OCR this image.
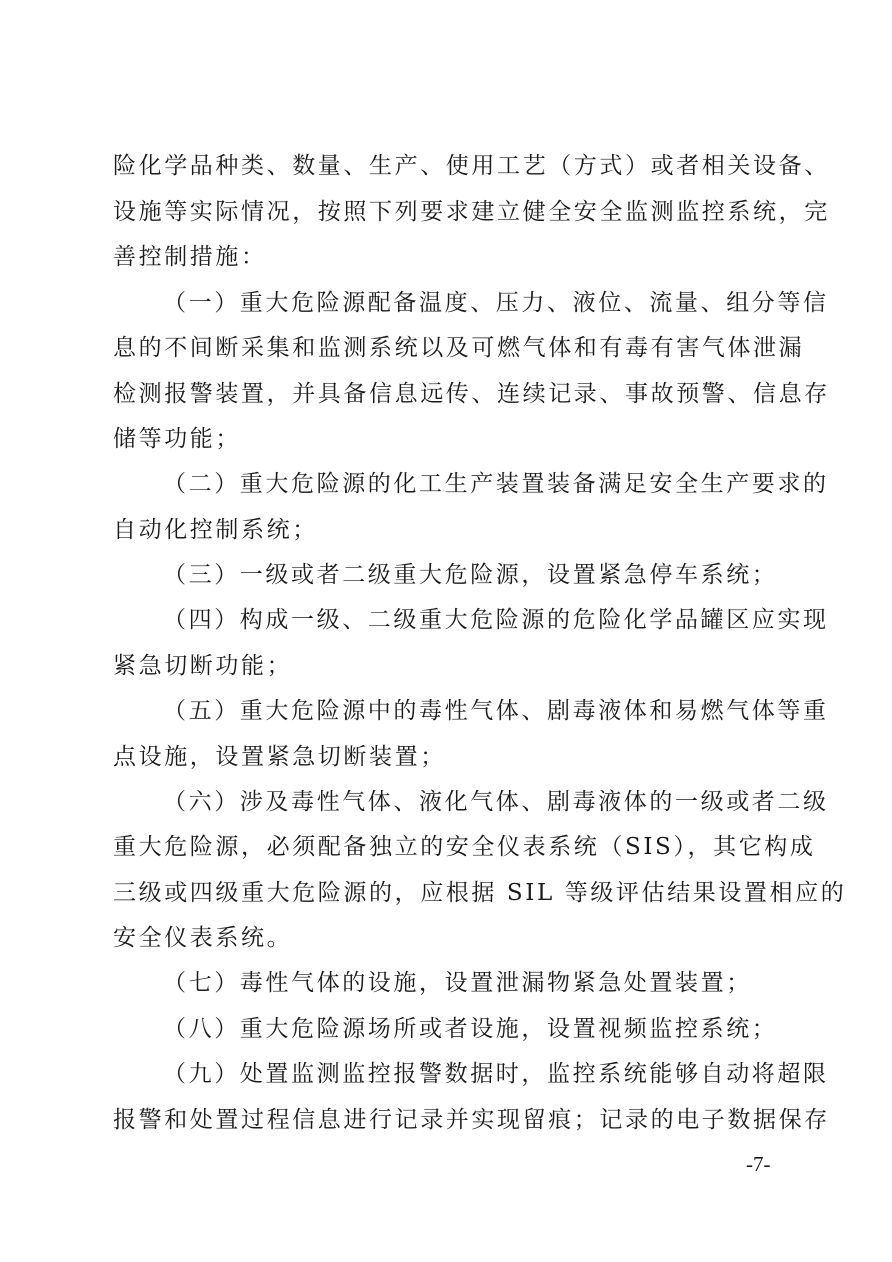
险化学品种类、数量、生产、使用工艺（方式）或者相关设备、
设施等实际情况，按照下列要求建立健全安全监测监控系统，完
善控制措施：
（一）重大危险源配备温度、压力、液位、流量、组分等信
息的不间断采集和监测系统以及可燃气体和有毒有害气体泄漏
检测报警装置，并具备信息远传、连续记录、事故预警、信息存
储等功能；
（二）重大危险源的化工生产装置装备满足安全生产要求的
自动化控制系统；
（三）一级或者二级重大危险源，设置紧急停车系统；
（四）构成一级、二级重大危险源的危险化学品罐区应实现
紧急切断功能；
（五）重大危险源中的毒性气体、剧毒液体和易燃气体等重
点设施，设置紧急切断装置；
（六）涉及毒性气体、液化气体、剧毒液体的一级或者二级
重大危险源，必须配备独立的安全仪表系统（SIS），其它构成
三级或四级重大危险源的，应根据 SIL 等级评估结果设置相应的
安全仪表系统。
（七）毒性气体的设施，设置泄漏物紧急处置装置；
（八）重大危险源场所或者设施，设置视频监控系统；
（九）处置监测监控报警数据时，监控系统能够自动将超限
报警和处置过程信息进行记录并实现留痕；记录的电子数据保存
-7-
